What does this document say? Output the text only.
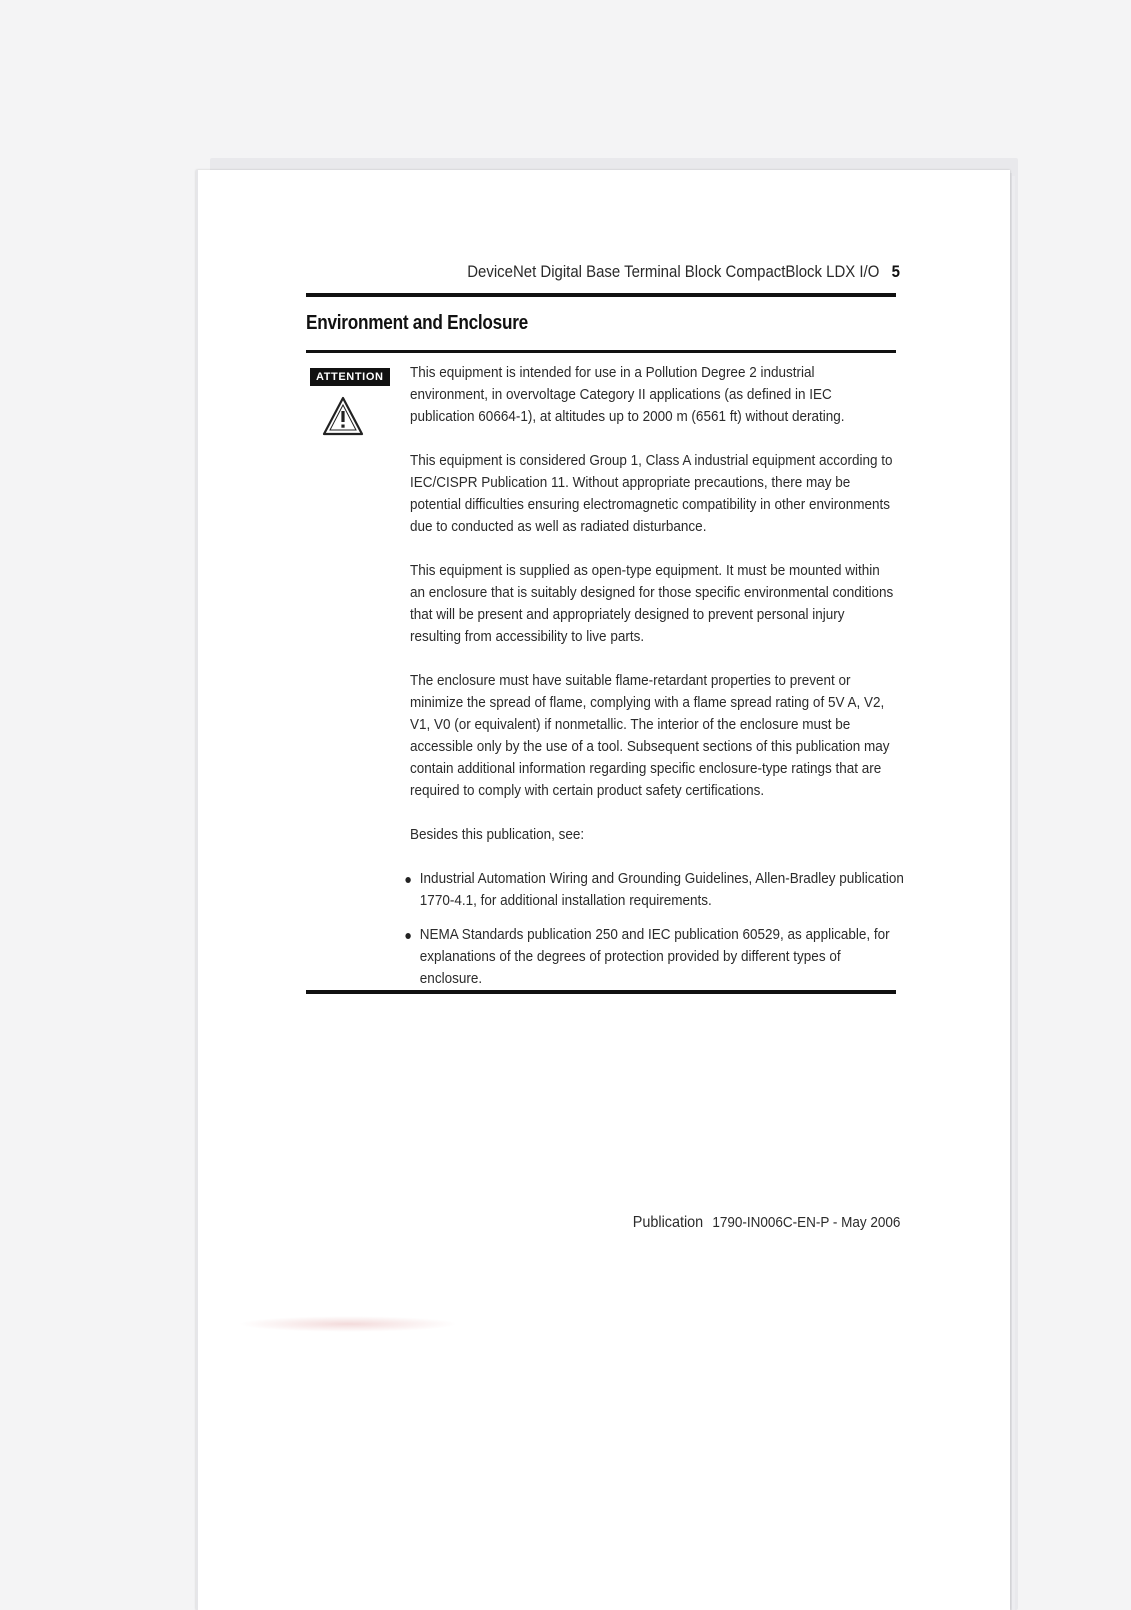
DeviceNet Digital Base Terminal Block CompactBlock LDX I/O 5
Environment and Enclosure
ATTENTION	This equipment is intended for use in a Pollution Degree 2 industrial environment, in overvoltage Category II applications (as defined in IEC publication 60664-1), at altitudes up to 2000 m (6561 ft) without derating.

This equipment is considered Group 1, Class A industrial equipment according to IEC/CISPR Publication 11. Without appropriate precautions, there may be potential difficulties ensuring electromagnetic compatibility in other environments due to conducted as well as radiated disturbance.

This equipment is supplied as open-type equipment. It must be mounted within an enclosure that is suitably designed for those specific environmental conditions that will be present and appropriately designed to prevent personal injury resulting from accessibility to live parts.

The enclosure must have suitable flame-retardant properties to prevent or minimize the spread of flame, complying with a flame spread rating of 5V A, V2, V1, V0 (or equivalent) if nonmetallic. The interior of the enclosure must be accessible only by the use of a tool. Subsequent sections of this publication may contain additional information regarding specific enclosure-type ratings that are required to comply with certain product safety certifications.

Besides this publication, see:

Industrial Automation Wiring and Grounding Guidelines, Allen-Bradley publication 1770-4.1, for additional installation requirements.
NEMA Standards publication 250 and IEC publication 60529, as applicable, for explanations of the degrees of protection provided by different types of enclosure.
Publication 1790-IN006C-EN-P - May 2006
